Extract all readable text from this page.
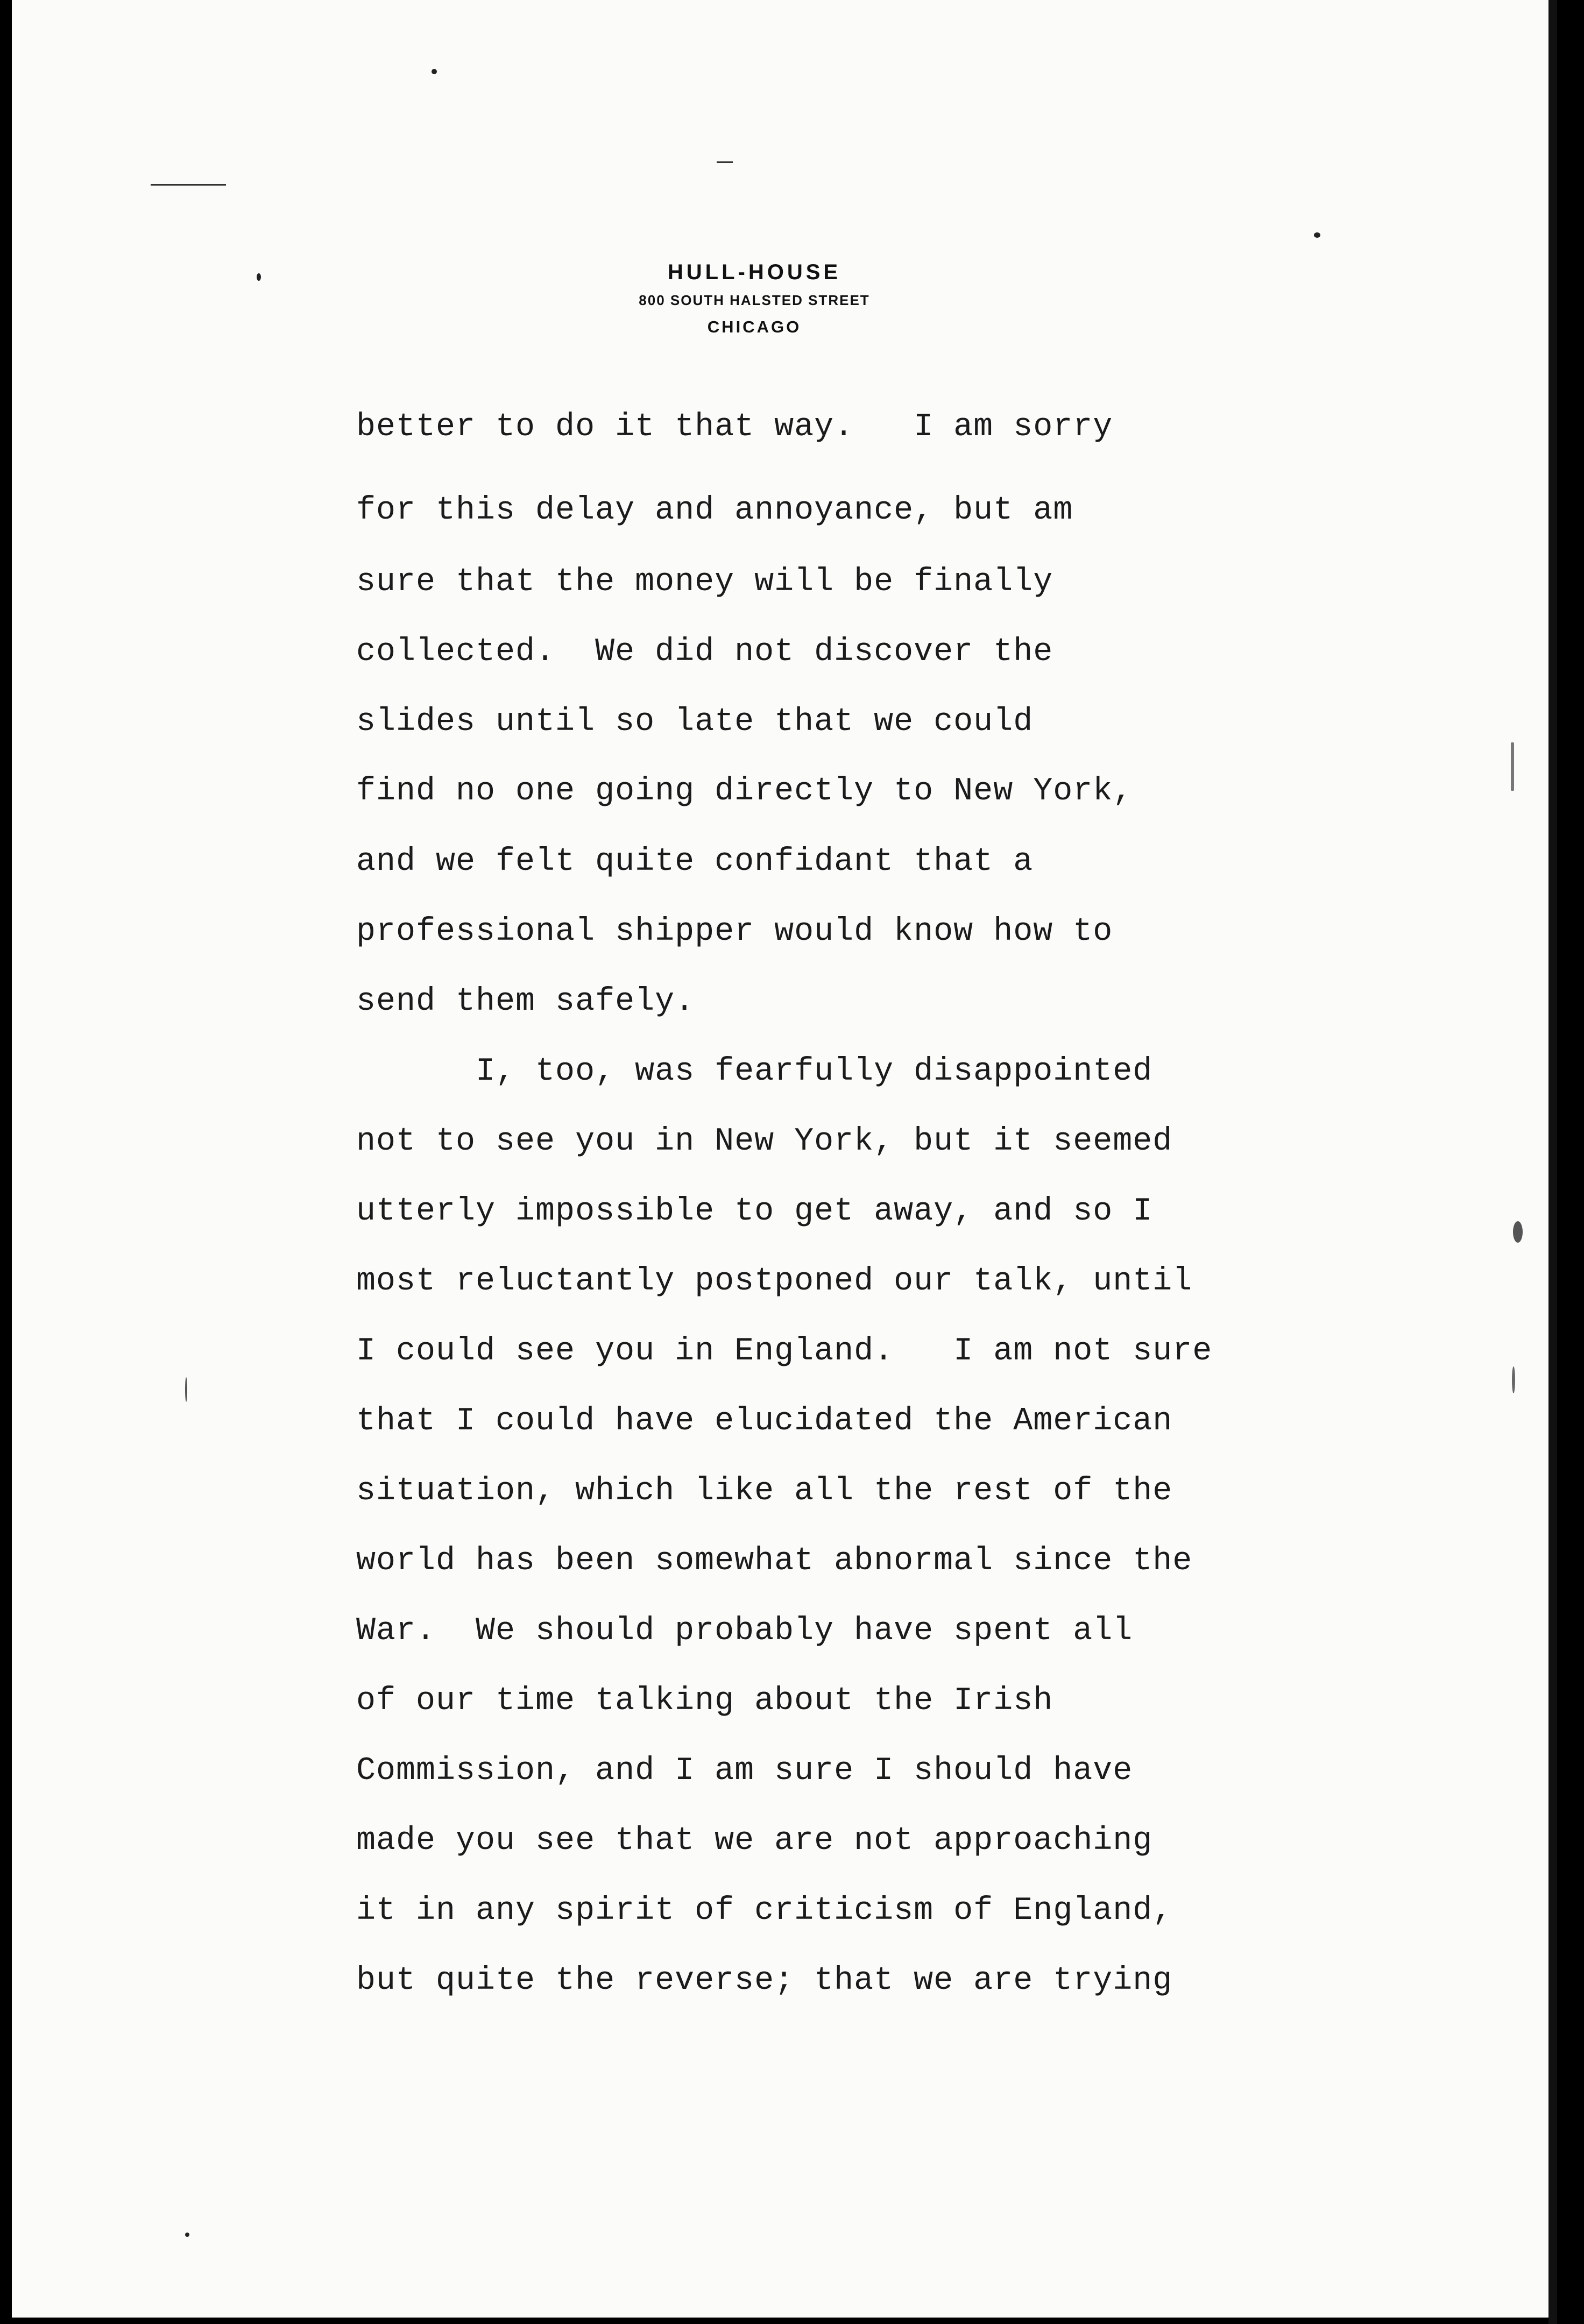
HULL-HOUSE
800 SOUTH HALSTED STREET
CHICAGO
better to do it that way.   I am sorry
for this delay and annoyance, but am
sure that the money will be finally
collected.  We did not discover the
slides until so late that we could
find no one going directly to New York,
and we felt quite confidant that a
professional shipper would know how to
send them safely.
I, too, was fearfully disappointed
not to see you in New York, but it seemed
utterly impossible to get away, and so I
most reluctantly postponed our talk, until
I could see you in England.   I am not sure
that I could have elucidated the American
situation, which like all the rest of the
world has been somewhat abnormal since the
War.  We should probably have spent all
of our time talking about the Irish
Commission, and I am sure I should have
made you see that we are not approaching
it in any spirit of criticism of England,
but quite the reverse; that we are trying
